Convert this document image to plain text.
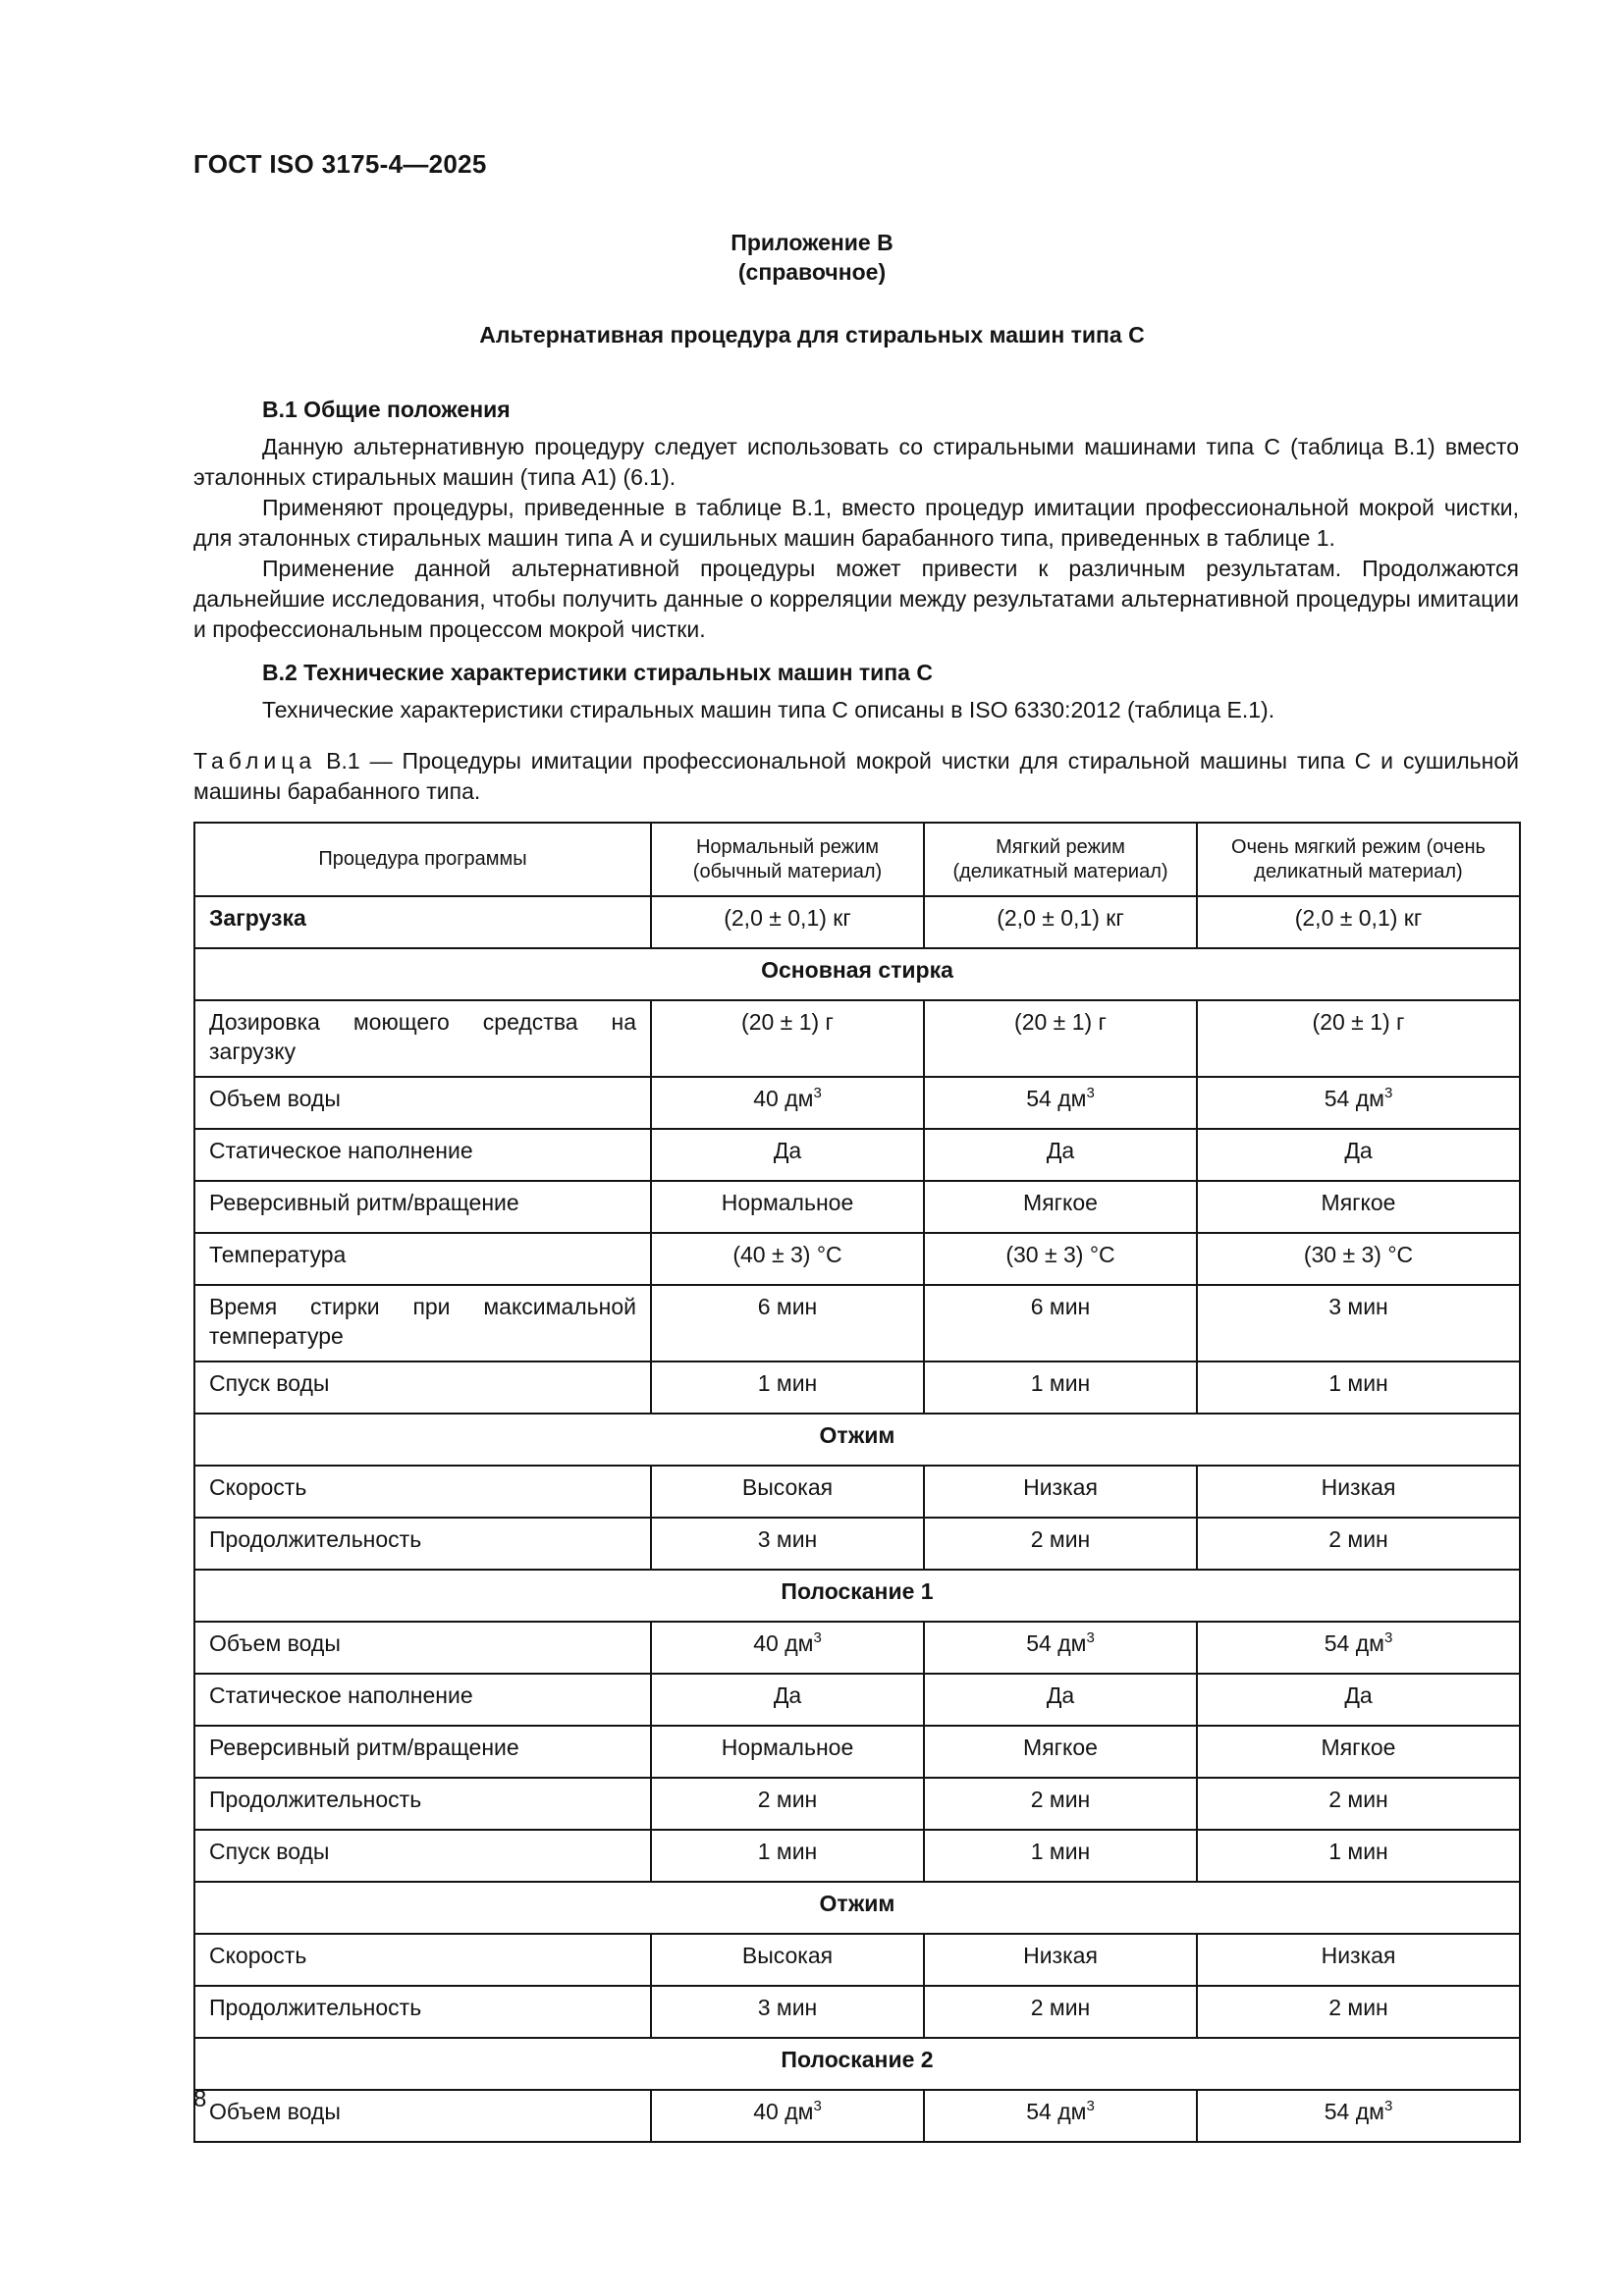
ГОСТ ISO 3175-4—2025
Приложение В
(справочное)
Альтернативная процедура для стиральных машин типа С
В.1 Общие положения

Данную альтернативную процедуру следует использовать со стиральными машинами типа С (таблица В.1) вместо эталонных стиральных машин (типа А1) (6.1).

Применяют процедуры, приведенные в таблице В.1, вместо процедур имитации профессиональной мокрой чистки, для эталонных стиральных машин типа А и сушильных машин барабанного типа, приведенных в таблице 1.

Применение данной альтернативной процедуры может привести к различным результатам. Продолжаются дальнейшие исследования, чтобы получить данные о корреляции между результатами альтернативной процедуры имитации и профессиональным процессом мокрой чистки.

В.2 Технические характеристики стиральных машин типа С

Технические характеристики стиральных машин типа С описаны в ISO 6330:2012 (таблица Е.1).

Таблица В.1 — Процедуры имитации профессиональной мокрой чистки для стиральной машины типа С и сушильной машины барабанного типа.
Процедура программы	Нормальный режим (обычный материал)	Мягкий режим (деликатный материал)	Очень мягкий режим (очень деликатный материал)
Загрузка	(2,0 ± 0,1) кг	(2,0 ± 0,1) кг	(2,0 ± 0,1) кг
Основная стирка			
Дозировка моющего средства на загрузку	(20 ± 1) г	(20 ± 1) г	(20 ± 1) г
Объем воды	40 $дм^3$	54 $дм^3$	54 $дм^3$
Статическое наполнение	Да	Да	Да
Реверсивный ритм/вращение	Нормальное	Мягкое	Мягкое
Температура	(40 ± 3) °C	(30 ± 3) °C	(30 ± 3) °C
Время стирки при максимальной температуре	6 мин	6 мин	3 мин
Спуск воды	1 мин	1 мин	1 мин
Отжим			
Скорость	Высокая	Низкая	Низкая
Продолжительность	3 мин	2 мин	2 мин
Полоскание 1			
Объем воды	40 $дм^3$	54 $дм^3$	54 $дм^3$
Статическое наполнение	Да	Да	Да
Реверсивный ритм/вращение	Нормальное	Мягкое	Мягкое
Продолжительность	2 мин	2 мин	2 мин
Спуск воды	1 мин	1 мин	1 мин
Отжим			
Скорость	Высокая	Низкая	Низкая
Продолжительность	3 мин	2 мин	2 мин
Полоскание 2			
Объем воды	40 $дм^3$	54 $дм^3$	54 $дм^3$
8
